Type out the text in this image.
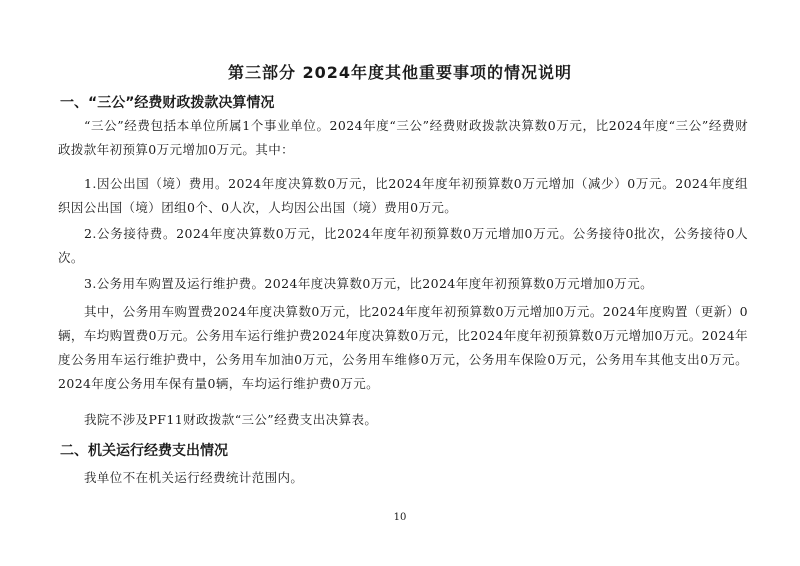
第三部分 2024年度其他重要事项的情况说明
一、“三公”经费财政拨款决算情况
“三公”经费包括本单位所属1个事业单位。2024年度“三公”经费财政拨款决算数0万元，比2024年度“三公”经费财政拨款年初预算0万元增加0万元。其中：
1.因公出国（境）费用。2024年度决算数0万元，比2024年度年初预算数0万元增加（减少）0万元。2024年度组织因公出国（境）团组0个、0人次，人均因公出国（境）费用0万元。
2.公务接待费。2024年度决算数0万元，比2024年度年初预算数0万元增加0万元。公务接待0批次，公务接待0人次。
3.公务用车购置及运行维护费。2024年度决算数0万元，比2024年度年初预算数0万元增加0万元。
其中，公务用车购置费2024年度决算数0万元，比2024年度年初预算数0万元增加0万元。2024年度购置（更新）0辆，车均购置费0万元。公务用车运行维护费2024年度决算数0万元，比2024年度年初预算数0万元增加0万元。2024年度公务用车运行维护费中，公务用车加油0万元，公务用车维修0万元，公务用车保险0万元，公务用车其他支出0万元。2024年度公务用车保有量0辆，车均运行维护费0万元。
我院不涉及PF11财政拨款“三公”经费支出决算表。
二、机关运行经费支出情况
我单位不在机关运行经费统计范围内。
10
